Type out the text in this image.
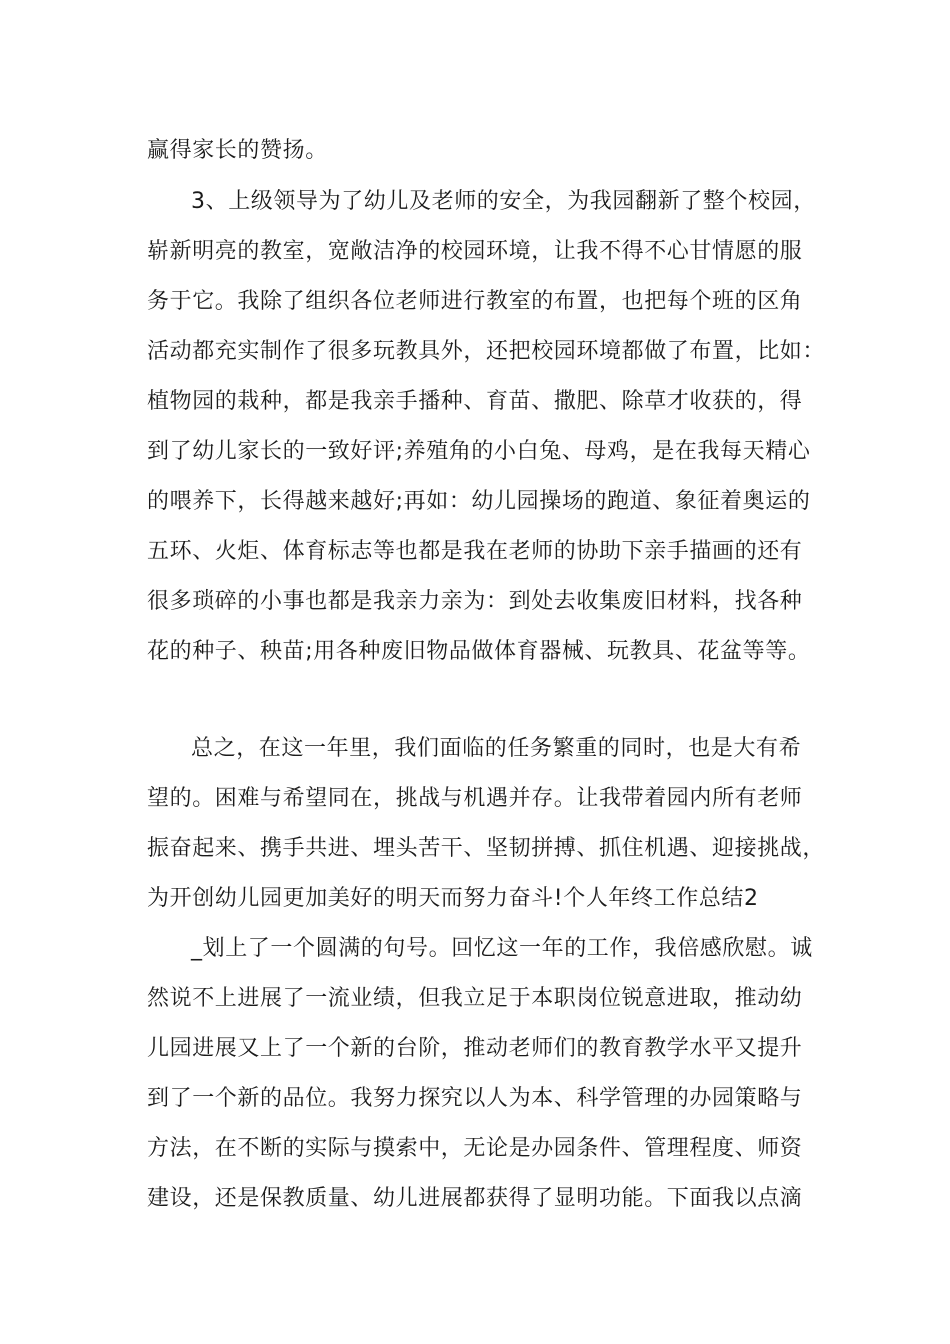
赢得家长的赞扬。

3、上级领导为了幼儿及老师的安全，为我园翻新了整个校园，

崭新明亮的教室，宽敞洁净的校园环境，让我不得不心甘情愿的服

务于它。我除了组织各位老师进行教室的布置，也把每个班的区角

活动都充实制作了很多玩教具外，还把校园环境都做了布置，比如：

植物园的栽种，都是我亲手播种、育苗、撒肥、除草才收获的，得

到了幼儿家长的一致好评;养殖角的小白兔、母鸡，是在我每天精心

的喂养下，长得越来越好;再如：幼儿园操场的跑道、象征着奥运的

五环、火炬、体育标志等也都是我在老师的协助下亲手描画的还有

很多琐碎的小事也都是我亲力亲为：到处去收集废旧材料，找各种

花的种子、秧苗;用各种废旧物品做体育器械、玩教具、花盆等等。

总之，在这一年里，我们面临的任务繁重的同时，也是大有希

望的。困难与希望同在，挑战与机遇并存。让我带着园内所有老师

振奋起来、携手共进、埋头苦干、坚韧拼搏、抓住机遇、迎接挑战，

为开创幼儿园更加美好的明天而努力奋斗!个人年终工作总结2

_划上了一个圆满的句号。回忆这一年的工作，我倍感欣慰。诚

然说不上进展了一流业绩，但我立足于本职岗位锐意进取，推动幼

儿园进展又上了一个新的台阶，推动老师们的教育教学水平又提升

到了一个新的品位。我努力探究以人为本、科学管理的办园策略与

方法，在不断的实际与摸索中，无论是办园条件、管理程度、师资

建设，还是保教质量、幼儿进展都获得了显明功能。下面我以点滴
